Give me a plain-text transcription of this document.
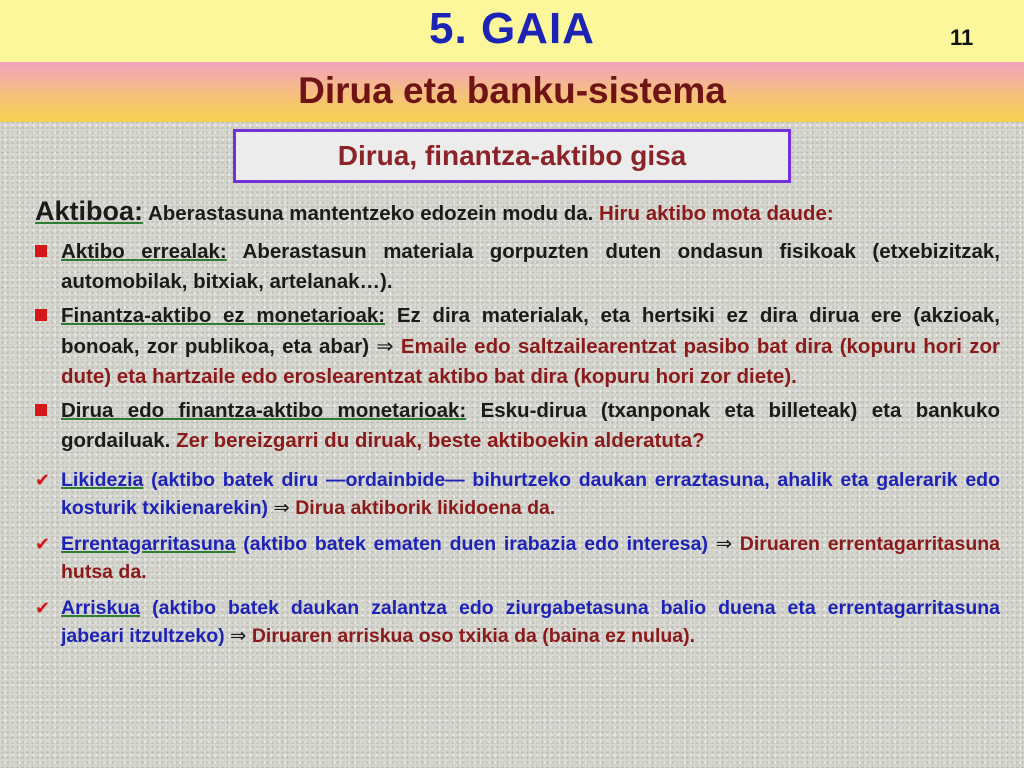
5. GAIA	11
Dirua eta banku-sistema
Dirua, finantza-aktibo gisa
Aktiboa: Aberastasuna mantentzeko edozein modu da. Hiru aktibo mota daude:
Aktibo errealak: Aberastasun materiala gorpuzten duten ondasun fisikoak (etxebizitzak, automobilak, bitxiak, artelanak…).
Finantza-aktibo ez monetarioak: Ez dira materialak, eta hertsiki ez dira dirua ere (akzioak, bonoak, zor publikoa, eta abar) ⇒ Emaile edo saltzailearentzat pasibo bat dira (kopuru hori zor dute) eta hartzaile edo eroslearentzat aktibo bat dira (kopuru hori zor diete).
Dirua edo finantza-aktibo monetarioak: Esku-dirua (txanponak eta billeteak) eta bankuko gordailuak. Zer bereizgarri du diruak, beste aktiboekin alderatuta?
✔ Likidezia (aktibo batek diru —ordainbide— bihurtzeko daukan erraztasuna, ahalik eta galerarik edo kosturik txikienarekin) ⇒ Dirua aktiborik likidoena da.
✔ Errentagarritasuna (aktibo batek ematen duen irabazia edo interesa) ⇒ Diruaren errentagarritasuna hutsa da.
✔ Arriskua (aktibo batek daukan zalantza edo ziurgabetasuna balio duena eta errentagarritasuna jabeari itzultzeko) ⇒ Diruaren arriskua oso txikia da (baina ez nulua).
